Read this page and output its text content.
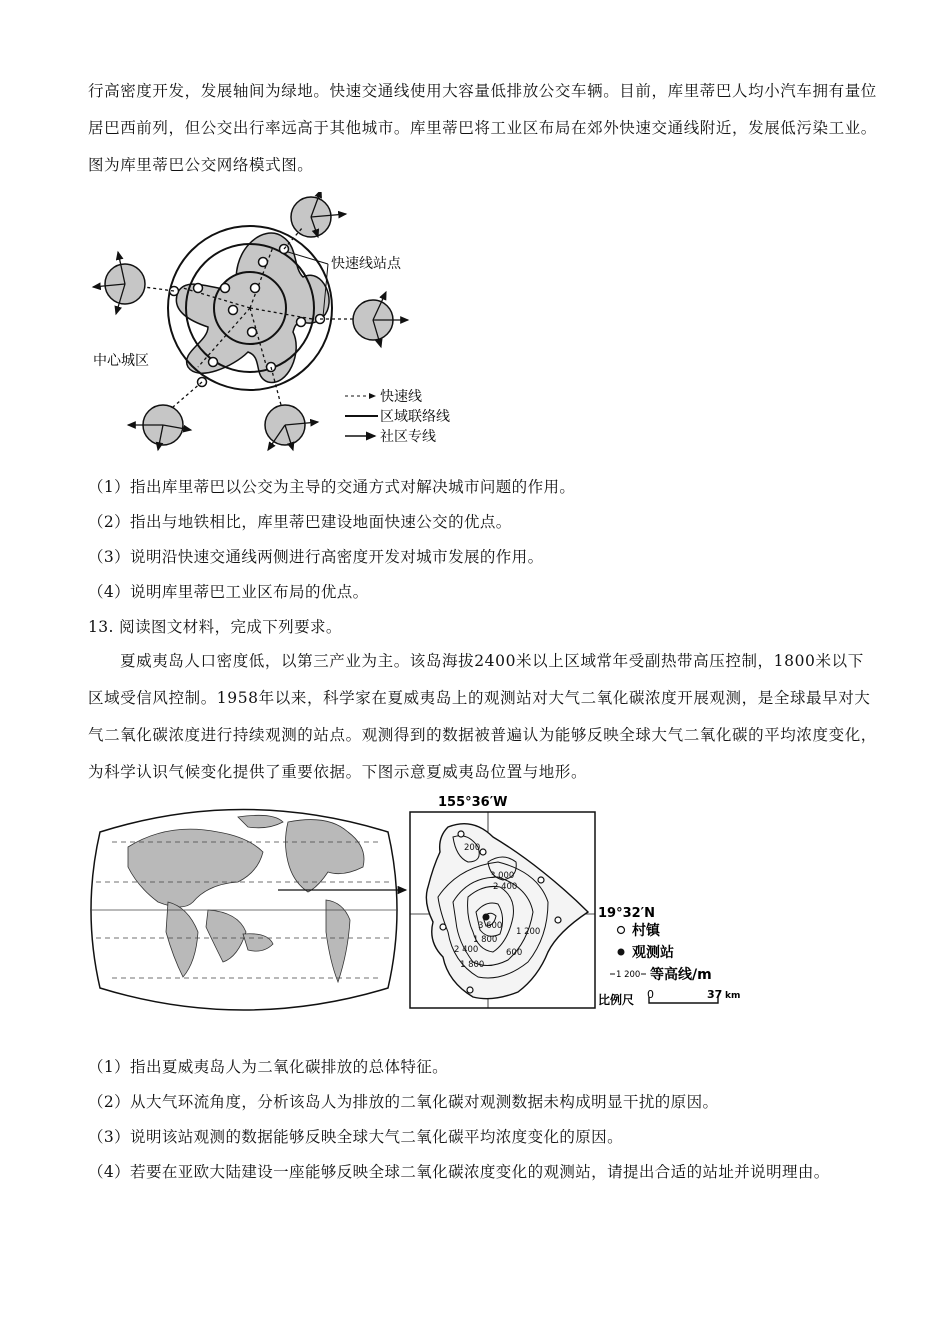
行高密度开发，发展轴间为绿地。快速交通线使用大容量低排放公交车辆。目前，库里蒂巴人均小汽车拥有量位居巴西前列，但公交出行率远高于其他城市。库里蒂巴将工业区布局在郊外快速交通线附近，发展低污染工业。图为库里蒂巴公交网络模式图。
快速线站点
中心城区
快速线
区域联络线
社区专线
（1）指出库里蒂巴以公交为主导的交通方式对解决城市问题的作用。
（2）指出与地铁相比，库里蒂巴建设地面快速公交的优点。
（3）说明沿快速交通线两侧进行高密度开发对城市发展的作用。
（4）说明库里蒂巴工业区布局的优点。
13. 阅读图文材料，完成下列要求。
夏威夷岛人口密度低，以第三产业为主。该岛海拔2400米以上区域常年受副热带高压控制，1800米以下区域受信风控制。1958年以来，科学家在夏威夷岛上的观测站对大气二氧化碳浓度开展观测，是全球最早对大气二氧化碳浓度进行持续观测的站点。观测得到的数据被普遍认为能够反映全球大气二氧化碳的平均浓度变化，为科学认识气候变化提供了重要依据。下图示意夏威夷岛位置与地形。
155°36′W
200
3 000
2 400
3 600
1 200
2 400
1 800
600
1 800
19°32′N
村镇
观测站
1 200 等高线/m
比例尺 0	37 km
（1）指出夏威夷岛人为二氧化碳排放的总体特征。
（2）从大气环流角度，分析该岛人为排放的二氧化碳对观测数据未构成明显干扰的原因。
（3）说明该站观测的数据能够反映全球大气二氧化碳平均浓度变化的原因。
（4）若要在亚欧大陆建设一座能够反映全球二氧化碳浓度变化的观测站，请提出合适的站址并说明理由。
